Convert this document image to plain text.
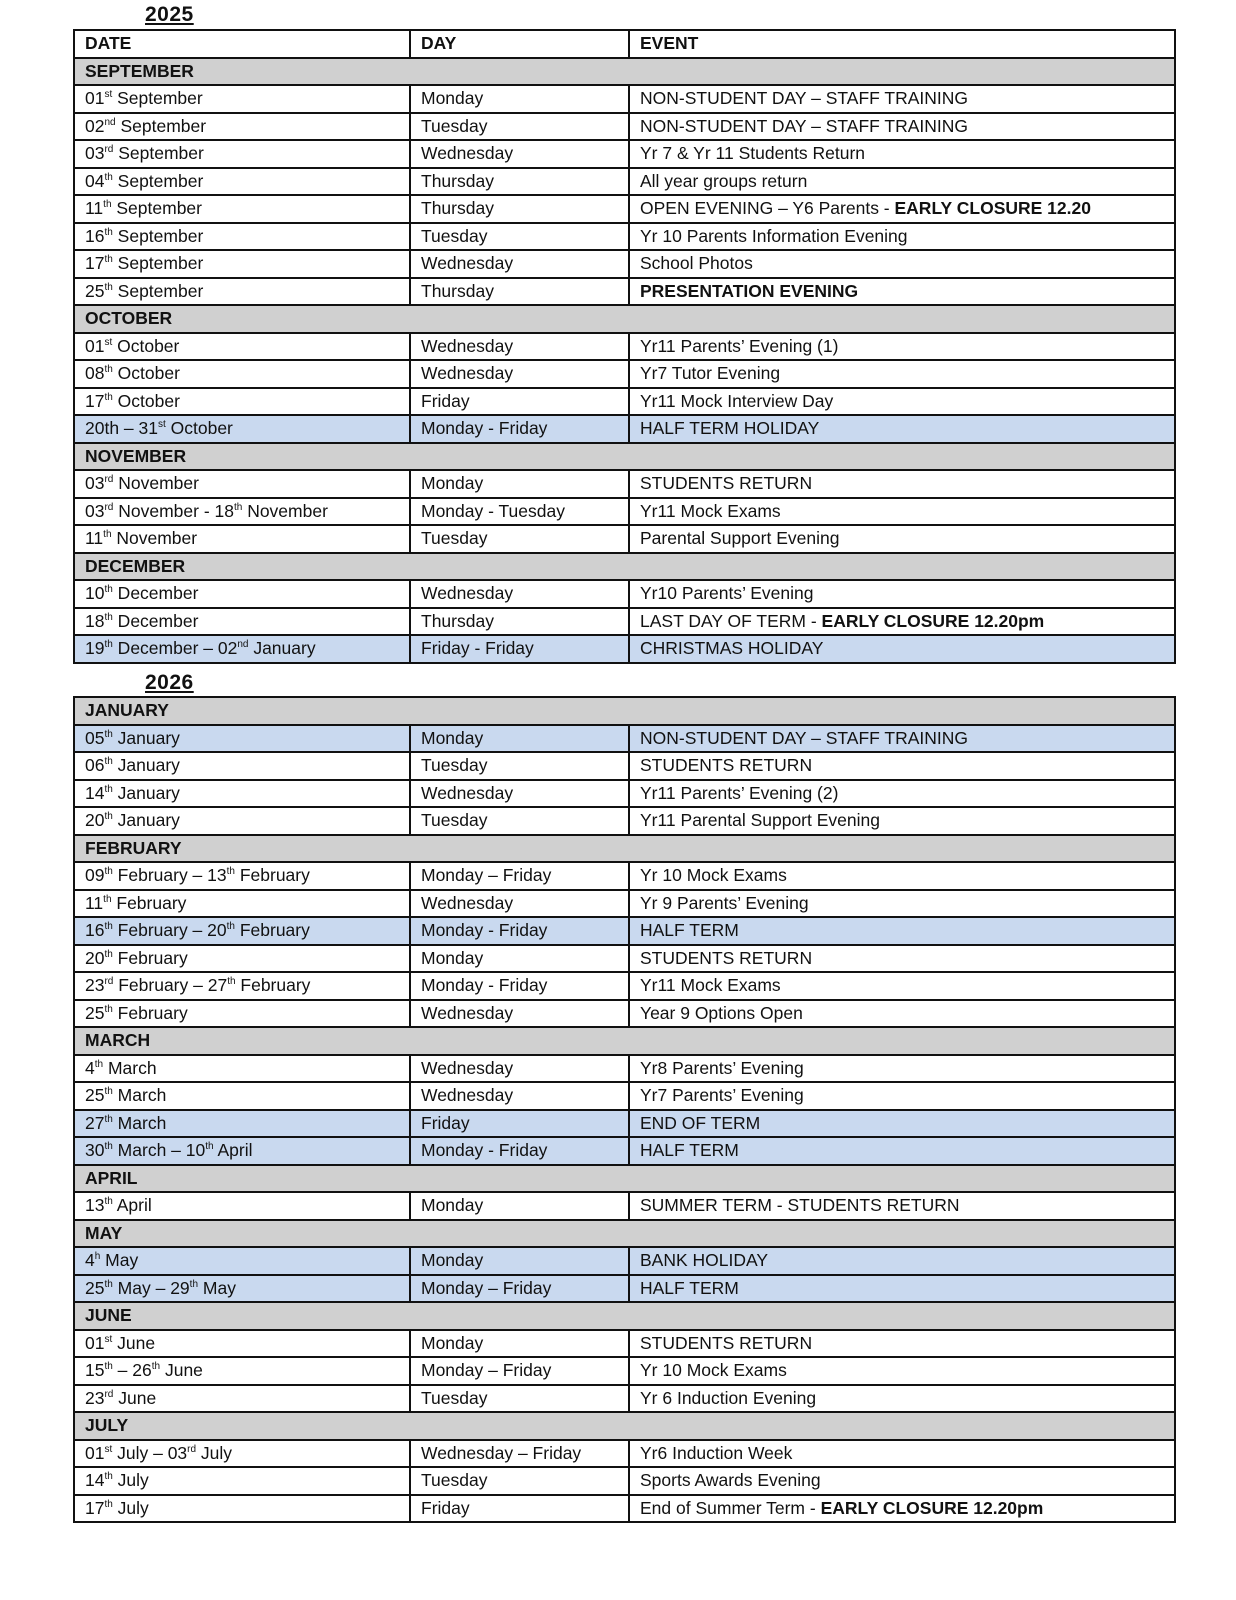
2025
DATE	DAY	EVENT
SEPTEMBER		
01st September	Monday	NON-STUDENT DAY – STAFF TRAINING
02nd September	Tuesday	NON-STUDENT DAY – STAFF TRAINING
03rd September	Wednesday	Yr 7 & Yr 11 Students Return
04th September	Thursday	All year groups return
11th September	Thursday	OPEN EVENING – Y6 Parents - EARLY CLOSURE 12.20
16th September	Tuesday	Yr 10 Parents Information Evening
17th September	Wednesday	School Photos
25th September	Thursday	PRESENTATION EVENING
OCTOBER		
01st October	Wednesday	Yr11 Parents’ Evening (1)
08th October	Wednesday	Yr7 Tutor Evening
17th October	Friday	Yr11 Mock Interview Day
20th – 31st October	Monday - Friday	HALF TERM HOLIDAY
NOVEMBER		
03rd November	Monday	STUDENTS RETURN
03rd November - 18th November	Monday - Tuesday	Yr11 Mock Exams
11th November	Tuesday	Parental Support Evening
DECEMBER		
10th December	Wednesday	Yr10 Parents’ Evening
18th December	Thursday	LAST DAY OF TERM - EARLY CLOSURE 12.20pm
19th December – 02nd January	Friday - Friday	CHRISTMAS HOLIDAY
2026
JANUARY		
05th January	Monday	NON-STUDENT DAY – STAFF TRAINING
06th January	Tuesday	STUDENTS RETURN
14th January	Wednesday	Yr11 Parents’ Evening (2)
20th January	Tuesday	Yr11 Parental Support Evening
FEBRUARY		
09th February – 13th February	Monday – Friday	Yr 10 Mock Exams
11th February	Wednesday	Yr 9 Parents’ Evening
16th February – 20th February	Monday - Friday	HALF TERM
20th February	Monday	STUDENTS RETURN
23rd February – 27th February	Monday - Friday	Yr11 Mock Exams
25th February	Wednesday	Year 9 Options Open
MARCH		
4th March	Wednesday	Yr8 Parents’ Evening
25th March	Wednesday	Yr7 Parents’ Evening
27th March	Friday	END OF TERM
30th March – 10th April	Monday - Friday	HALF TERM
APRIL		
13th April	Monday	SUMMER TERM - STUDENTS RETURN
MAY		
4$^h$ May	Monday	BANK HOLIDAY
25th May – 29th May	Monday – Friday	HALF TERM
JUNE		
01st June	Monday	STUDENTS RETURN
15th – 26th June	Monday – Friday	Yr 10 Mock Exams
23rd June	Tuesday	Yr 6 Induction Evening
JULY		
01st July – 03rd July	Wednesday – Friday	Yr6 Induction Week
14th July	Tuesday	Sports Awards Evening
17th July	Friday	End of Summer Term - EARLY CLOSURE 12.20pm
